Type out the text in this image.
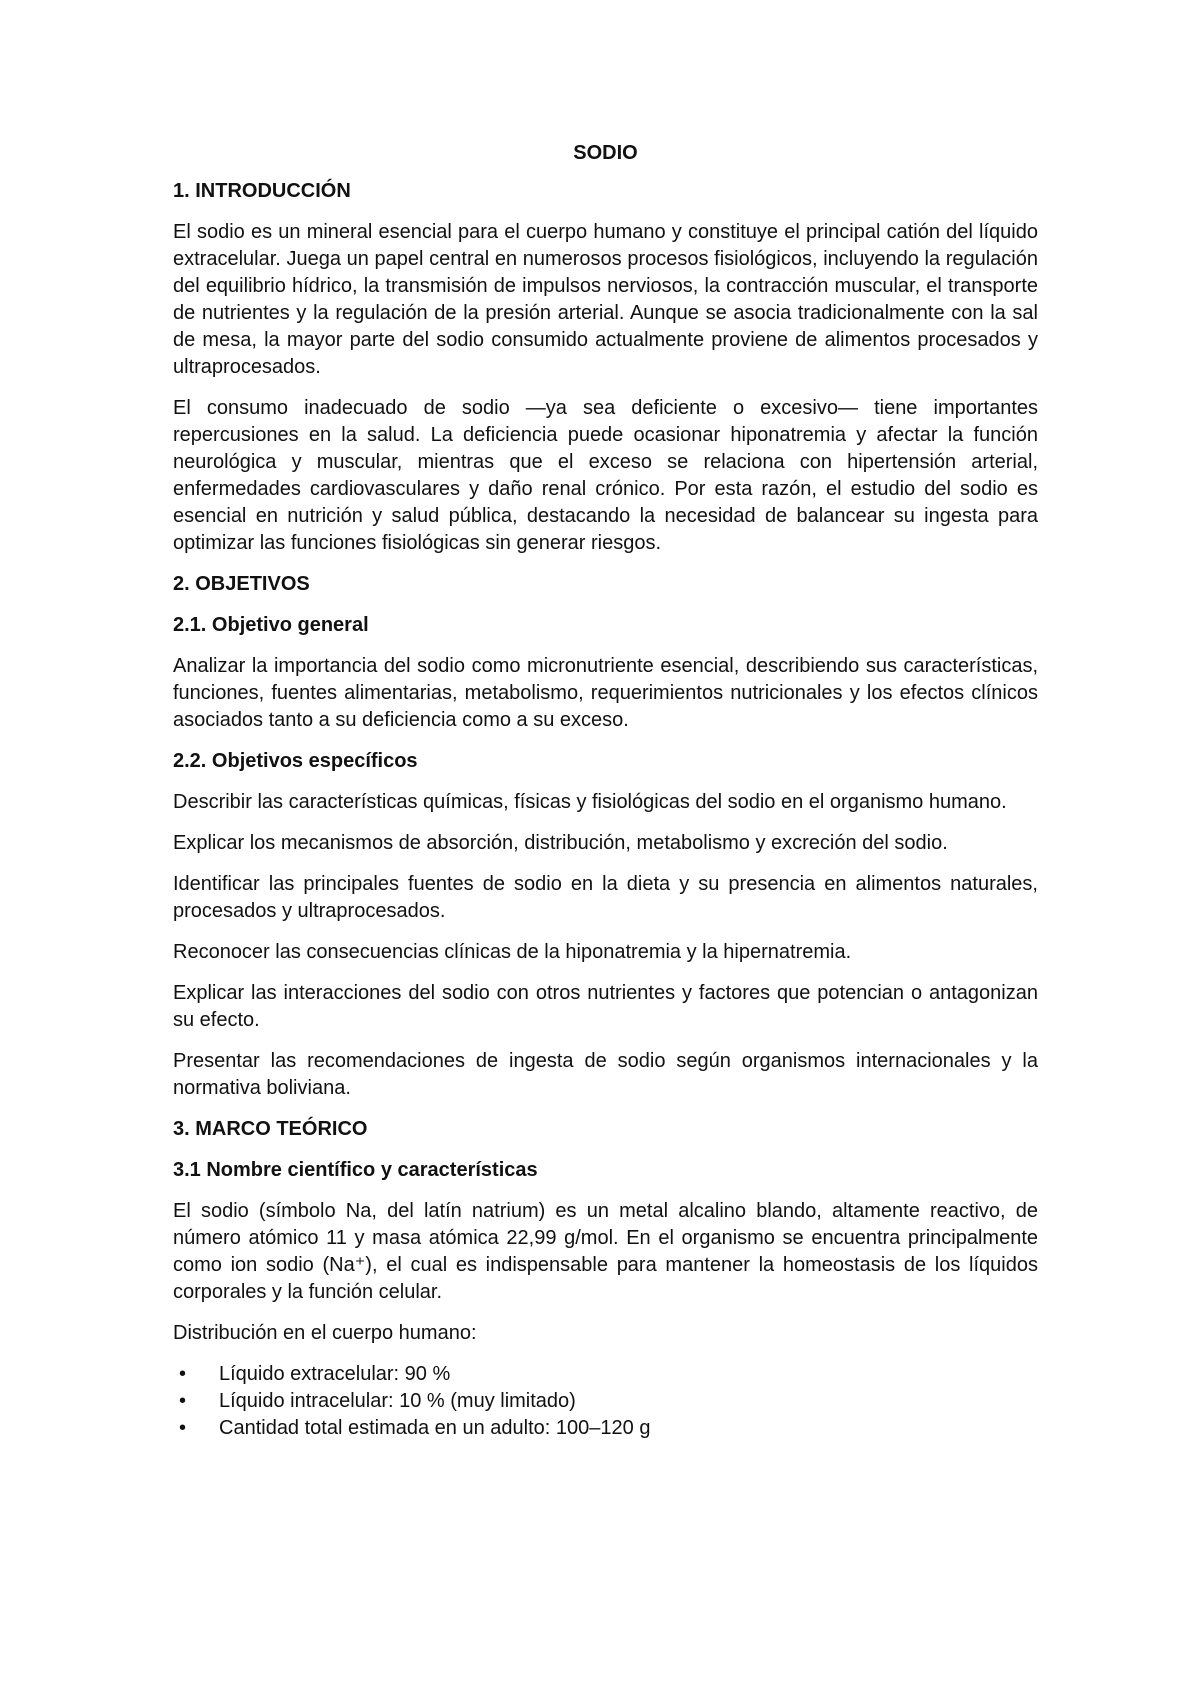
SODIO
1. INTRODUCCIÓN

El sodio es un mineral esencial para el cuerpo humano y constituye el principal catión del líquido extracelular. Juega un papel central en numerosos procesos fisiológicos, incluyendo la regulación del equilibrio hídrico, la transmisión de impulsos nerviosos, la contracción muscular, el transporte de nutrientes y la regulación de la presión arterial. Aunque se asocia tradicionalmente con la sal de mesa, la mayor parte del sodio consumido actualmente proviene de alimentos procesados y ultraprocesados.

El consumo inadecuado de sodio —ya sea deficiente o excesivo— tiene importantes repercusiones en la salud. La deficiencia puede ocasionar hiponatremia y afectar la función neurológica y muscular, mientras que el exceso se relaciona con hipertensión arterial, enfermedades cardiovasculares y daño renal crónico. Por esta razón, el estudio del sodio es esencial en nutrición y salud pública, destacando la necesidad de balancear su ingesta para optimizar las funciones fisiológicas sin generar riesgos.

2. OBJETIVOS
2.1. Objetivo general

Analizar la importancia del sodio como micronutriente esencial, describiendo sus características, funciones, fuentes alimentarias, metabolismo, requerimientos nutricionales y los efectos clínicos asociados tanto a su deficiencia como a su exceso.

2.2. Objetivos específicos

Describir las características químicas, físicas y fisiológicas del sodio en el organismo humano.

Explicar los mecanismos de absorción, distribución, metabolismo y excreción del sodio.

Identificar las principales fuentes de sodio en la dieta y su presencia en alimentos naturales, procesados y ultraprocesados.

Reconocer las consecuencias clínicas de la hiponatremia y la hipernatremia.

Explicar las interacciones del sodio con otros nutrientes y factores que potencian o antagonizan su efecto.

Presentar las recomendaciones de ingesta de sodio según organismos internacionales y la normativa boliviana.

3. MARCO TEÓRICO
3.1 Nombre científico y características

El sodio (símbolo Na, del latín natrium) es un metal alcalino blando, altamente reactivo, de número atómico 11 y masa atómica 22,99 g/mol. En el organismo se encuentra principalmente como ion sodio (Na⁺), el cual es indispensable para mantener la homeostasis de los líquidos corporales y la función celular.

Distribución en el cuerpo humano:

• Líquido extracelular: 90 %
• Líquido intracelular: 10 % (muy limitado)
• Cantidad total estimada en un adulto: 100–120 g
